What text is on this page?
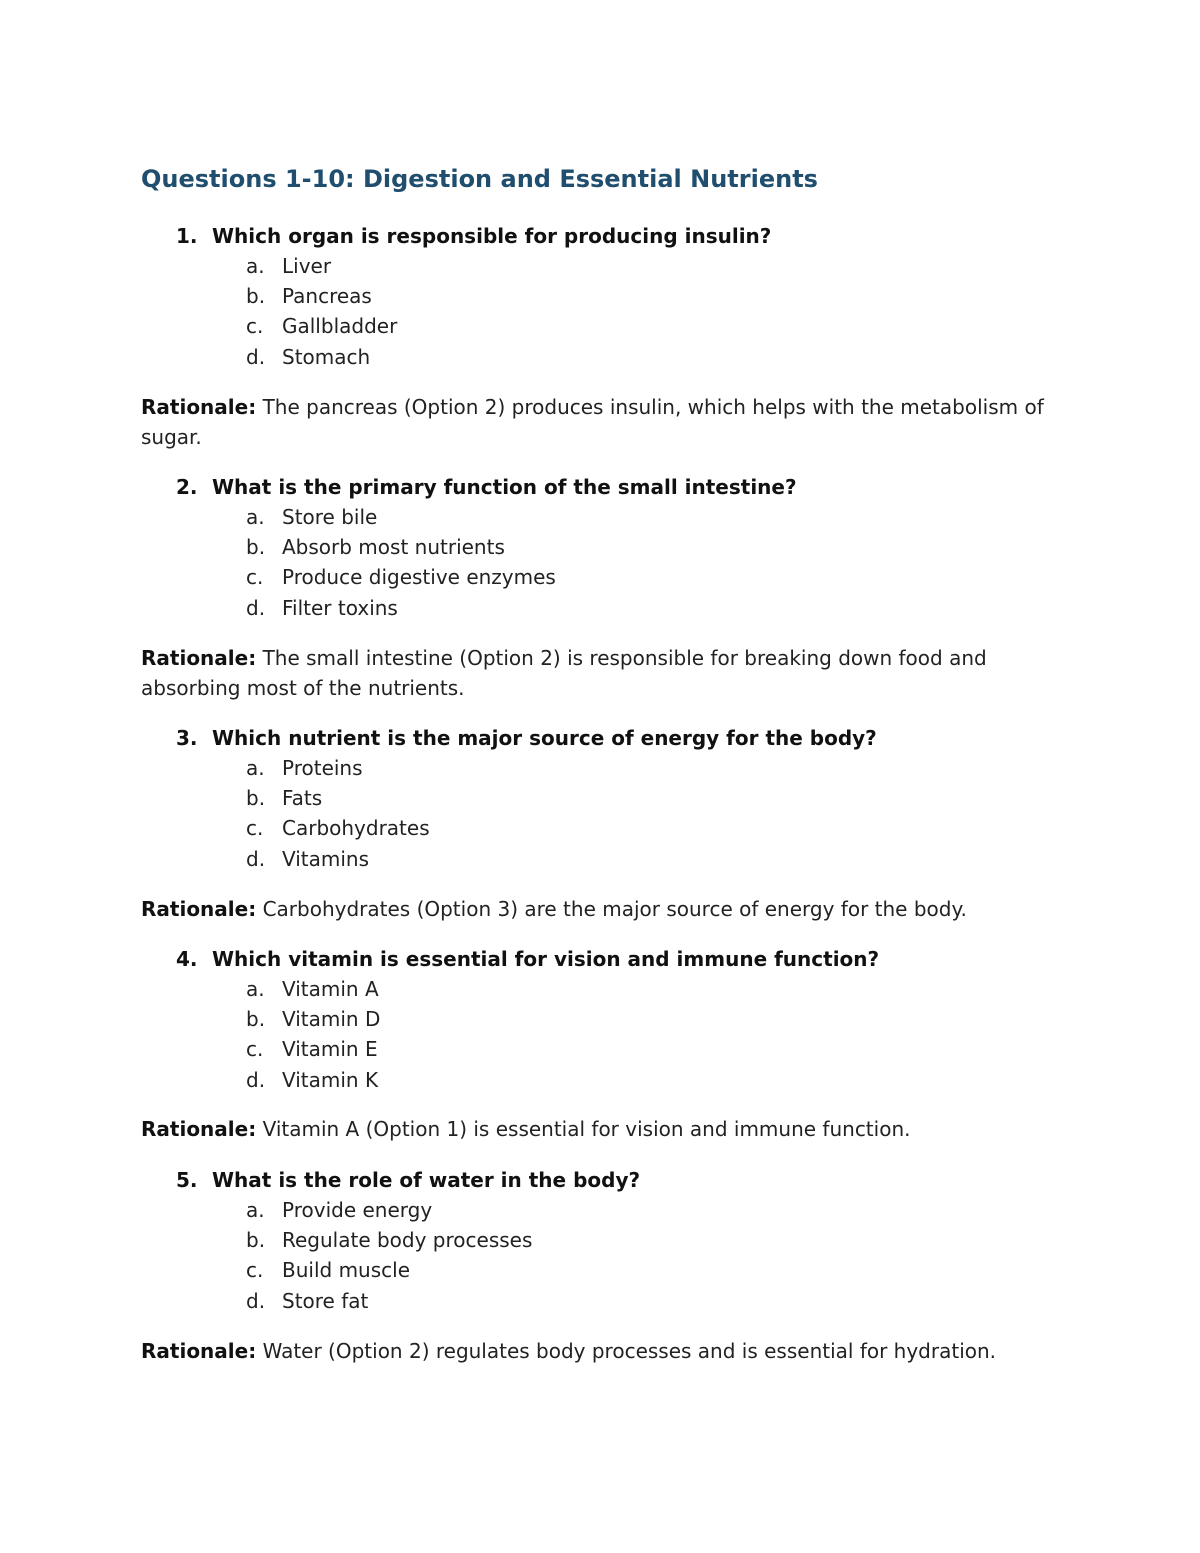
Questions 1-10: Digestion and Essential Nutrients

1. Which organ is responsible for producing insulin?

a. Liver
b. Pancreas
c. Gallbladder
d. Stomach

Rationale: The pancreas (Option 2) produces insulin, which helps with the metabolism of sugar.

2. What is the primary function of the small intestine?

a. Store bile
b. Absorb most nutrients
c. Produce digestive enzymes
d. Filter toxins

Rationale: The small intestine (Option 2) is responsible for breaking down food and absorbing most of the nutrients.

3. Which nutrient is the major source of energy for the body?

a. Proteins
b. Fats
c. Carbohydrates
d. Vitamins

Rationale: Carbohydrates (Option 3) are the major source of energy for the body.

4. Which vitamin is essential for vision and immune function?

a. Vitamin A
b. Vitamin D
c. Vitamin E
d. Vitamin K

Rationale: Vitamin A (Option 1) is essential for vision and immune function.

5. What is the role of water in the body?

a. Provide energy
b. Regulate body processes
c. Build muscle
d. Store fat

Rationale: Water (Option 2) regulates body processes and is essential for hydration.
